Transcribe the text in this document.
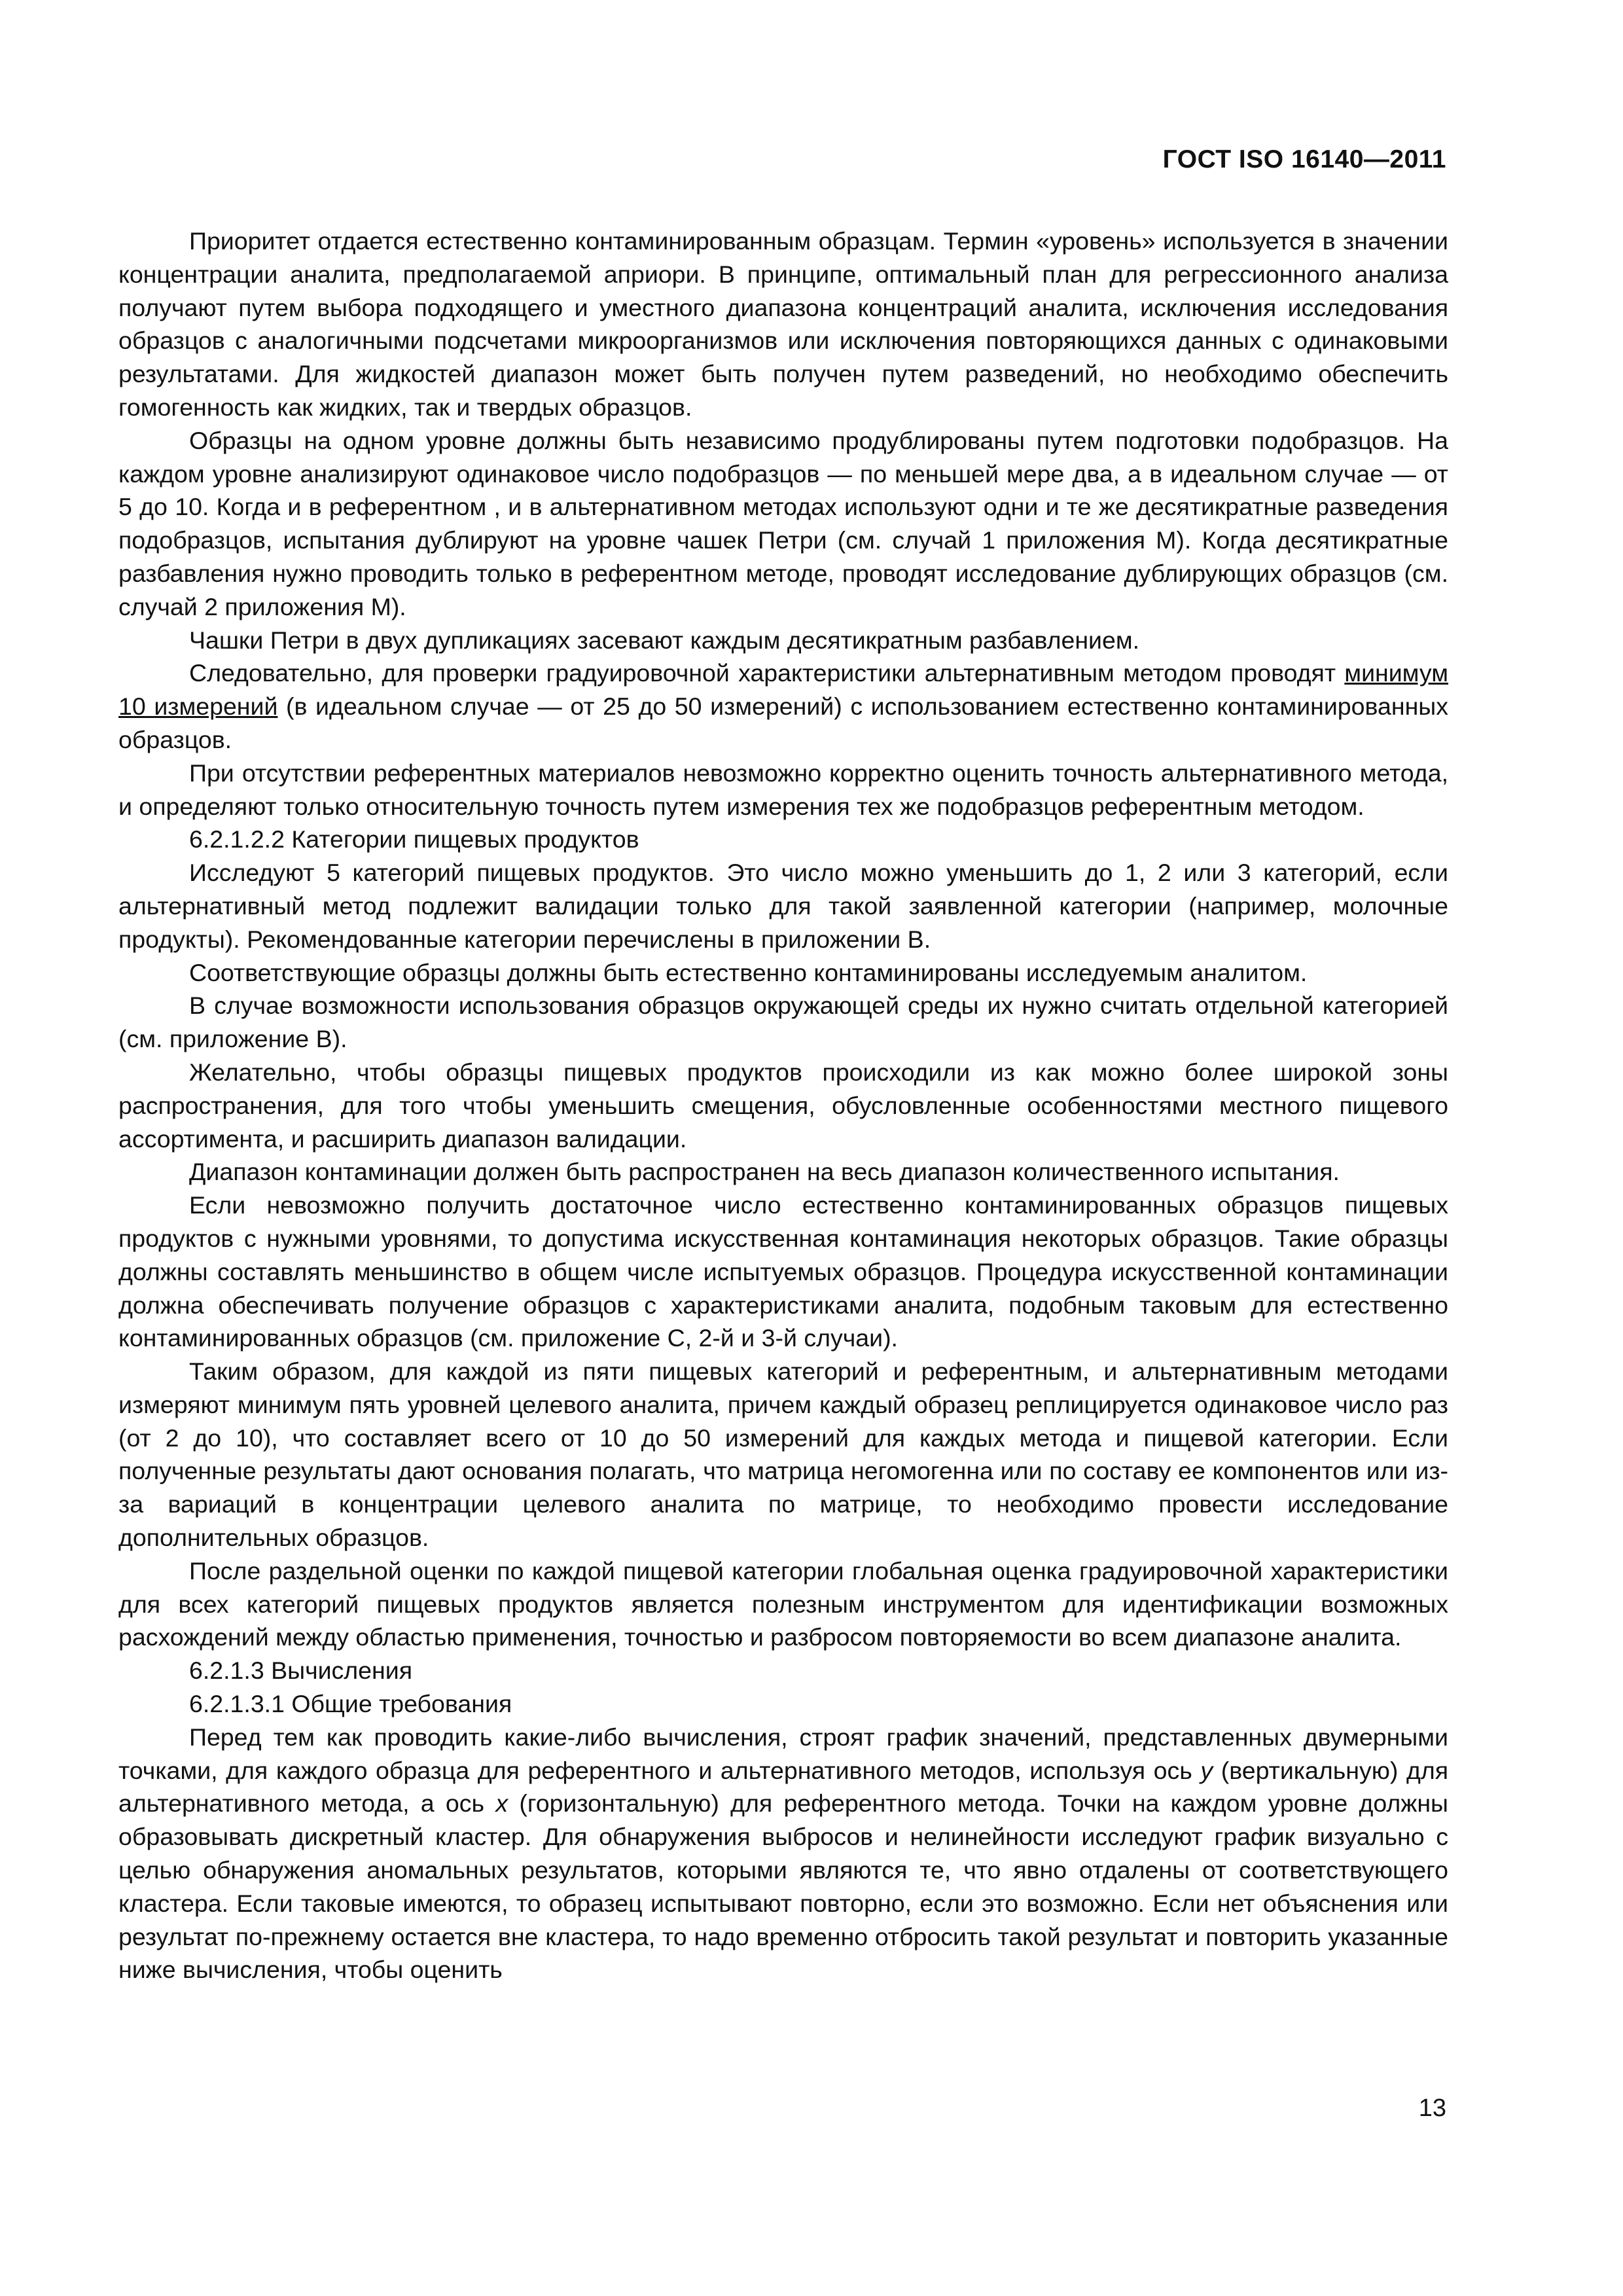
ГОСТ ISO 16140—2011

Приоритет отдается естественно контаминированным образцам. Термин «уровень» используется в значении концентрации аналита, предполагаемой априори. В принципе, оптимальный план для регрессионного анализа получают путем выбора подходящего и уместного диапазона концентраций аналита, исключения исследования образцов с аналогичными подсчетами микроорганизмов или исключения повторяющихся данных с одинаковыми результатами. Для жидкостей диапазон может быть получен путем разведений, но необходимо обеспечить гомогенность как жидких, так и твердых образцов.

Образцы на одном уровне должны быть независимо продублированы путем подготовки подобразцов. На каждом уровне анализируют одинаковое число подобразцов — по меньшей мере два, а в идеальном случае — от 5 до 10. Когда и в референтном , и в альтернативном методах используют одни и те же десятикратные разведения подобразцов, испытания дублируют на уровне чашек Петри (см. случай 1 приложения М). Когда десятикратные разбавления нужно проводить только в референтном методе, проводят исследование дублирующих образцов (см. случай 2 приложения М).

Чашки Петри в двух дупликациях засевают каждым десятикратным разбавлением.

Следовательно, для проверки градуировочной характеристики альтернативным методом проводят минимум 10 измерений (в идеальном случае — от 25 до 50 измерений) с использованием естественно контаминированных образцов.

При отсутствии референтных материалов невозможно корректно оценить точность альтернативного метода, и определяют только относительную точность путем измерения тех же подобразцов референтным методом.

6.2.1.2.2 Категории пищевых продуктов

Исследуют 5 категорий пищевых продуктов. Это число можно уменьшить до 1, 2 или 3 категорий, если альтернативный метод подлежит валидации только для такой заявленной категории (например, молочные продукты). Рекомендованные категории перечислены в приложении В.

Соответствующие образцы должны быть естественно контаминированы исследуемым аналитом.

В случае возможности использования образцов окружающей среды их нужно считать отдельной категорией (см. приложение В).

Желательно, чтобы образцы пищевых продуктов происходили из как можно более широкой зоны распространения, для того чтобы уменьшить смещения, обусловленные особенностями местного пищевого ассортимента, и расширить диапазон валидации.

Диапазон контаминации должен быть распространен на весь диапазон количественного испытания.

Если невозможно получить достаточное число естественно контаминированных образцов пищевых продуктов с нужными уровнями, то допустима искусственная контаминация некоторых образцов. Такие образцы должны составлять меньшинство в общем числе испытуемых образцов. Процедура искусственной контаминации должна обеспечивать получение образцов с характеристиками аналита, подобным таковым для естественно контаминированных образцов (см. приложение С, 2-й и 3-й случаи).

Таким образом, для каждой из пяти пищевых категорий и референтным, и альтернативным методами измеряют минимум пять уровней целевого аналита, причем каждый образец реплицируется одинаковое число раз (от 2 до 10), что составляет всего от 10 до 50 измерений для каждых метода и пищевой категории. Если полученные результаты дают основания полагать, что матрица негомогенна или по составу ее компонентов или из-за вариаций в концентрации целевого аналита по матрице, то необходимо провести исследование дополнительных образцов.

После раздельной оценки по каждой пищевой категории глобальная оценка градуировочной характеристики для всех категорий пищевых продуктов является полезным инструментом для идентификации возможных расхождений между областью применения, точностью и разбросом повторяемости во всем диапазоне аналита.

6.2.1.3 Вычисления

6.2.1.3.1 Общие требования

Перед тем как проводить какие-либо вычисления, строят график значений, представленных двумерными точками, для каждого образца для референтного и альтернативного методов, используя ось у (вертикальную) для альтернативного метода, а ось х (горизонтальную) для референтного метода. Точки на каждом уровне должны образовывать дискретный кластер. Для обнаружения выбросов и нелинейности исследуют график визуально с целью обнаружения аномальных результатов, которыми являются те, что явно отдалены от соответствующего кластера. Если таковые имеются, то образец испытывают повторно, если это возможно. Если нет объяснения или результат по-прежнему остается вне кластера, то надо временно отбросить такой результат и повторить указанные ниже вычисления, чтобы оценить

13
